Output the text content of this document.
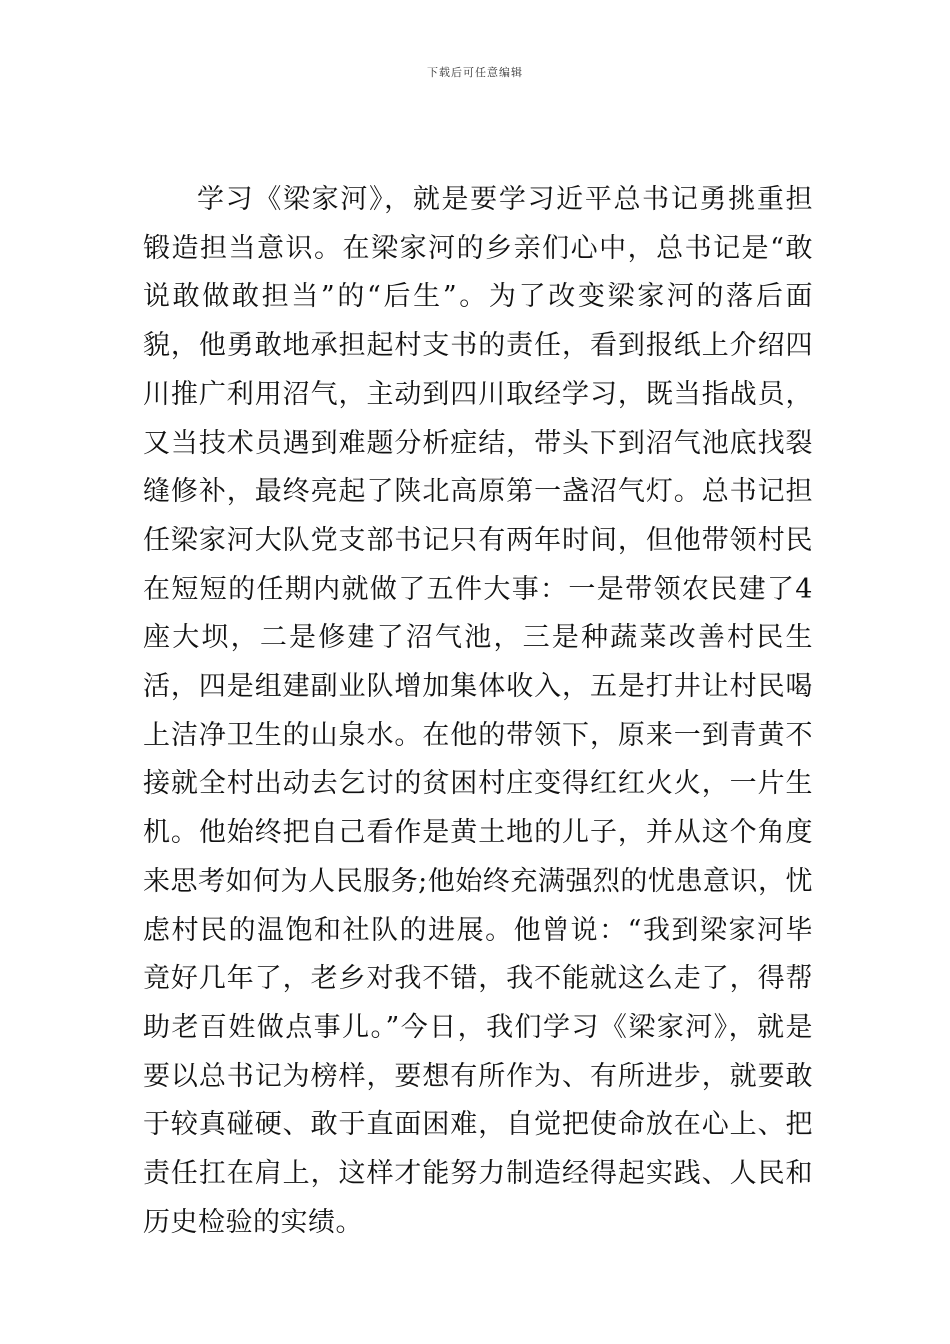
下载后可任意编辑

学习《梁家河》，就是要学习近平总书记勇挑重担锻造担当意识。在梁家河的乡亲们心中，总书记是“敢说敢做敢担当”的“后生”。为了改变梁家河的落后面貌，他勇敢地承担起村支书的责任，看到报纸上介绍四川推广利用沼气，主动到四川取经学习，既当指战员，又当技术员遇到难题分析症结，带头下到沼气池底找裂缝修补，最终亮起了陕北高原第一盏沼气灯。总书记担任梁家河大队党支部书记只有两年时间，但他带领村民在短短的任期内就做了五件大事：一是带领农民建了4座大坝，二是修建了沼气池，三是种蔬菜改善村民生活，四是组建副业队增加集体收入，五是打井让村民喝上洁净卫生的山泉水。在他的带领下，原来一到青黄不接就全村出动去乞讨的贫困村庄变得红红火火，一片生机。他始终把自己看作是黄土地的儿子，并从这个角度来思考如何为人民服务;他始终充满强烈的忧患意识，忧虑村民的温饱和社队的进展。他曾说：“我到梁家河毕竟好几年了，老乡对我不错，我不能就这么走了，得帮助老百姓做点事儿。”今日，我们学习《梁家河》，就是要以总书记为榜样，要想有所作为、有所进步，就要敢于较真碰硬、敢于直面困难，自觉把使命放在心上、把责任扛在肩上，这样才能努力制造经得起实践、人民和历史检验的实绩。
